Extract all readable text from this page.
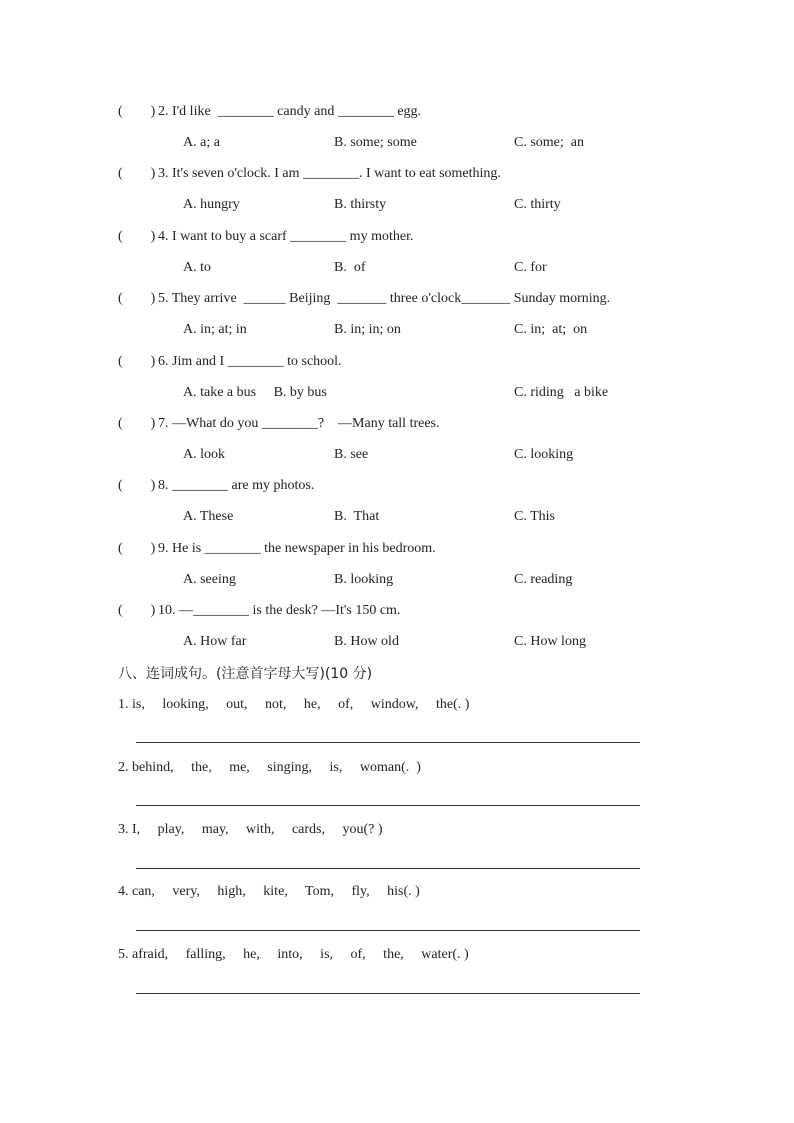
(        ) 2. I'd like  ________ candy and ________ egg.
A. a; a	B. some; some	C. some;  an
(        ) 3. It's seven o'clock. I am ________. I want to eat something.
A. hungry	B. thirsty	C. thirty
(        ) 4. I want to buy a scarf ________ my mother.
A. to	B.  of	C. for
(        ) 5. They arrive  ______ Beijing  _______ three o'clock_______ Sunday morning.
A. in; at; in	B. in; in; on	C. in;  at;  on
(        ) 6. Jim and I ________ to school.
A. take a bus     B. by bus	C. riding   a bike
(        ) 7. —What do you ________?    —Many tall trees.
A. look	B. see	C. looking
(        ) 8. ________ are my photos.
A. These	B.  That	C. This
(        ) 9. He is ________ the newspaper in his bedroom.
A. seeing	B. looking	C. reading
(        ) 10. —________ is the desk? —It's 150 cm.
A. How far	B. How old	C. How long
八、连词成句。(注意首字母大写)(10 分)
1. is,     looking,     out,     not,     he,     of,     window,     the(. )
2. behind,     the,     me,     singing,     is,     woman(.  )
3. I,     play,     may,     with,     cards,     you(? )
4. can,     very,     high,     kite,     Tom,     fly,     his(. )
5. afraid,     falling,     he,     into,     is,     of,     the,     water(. )
